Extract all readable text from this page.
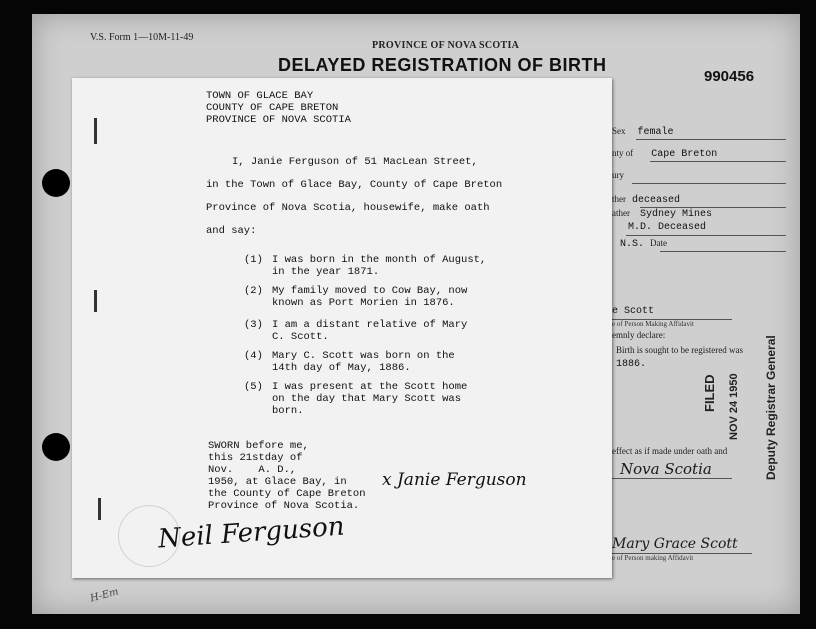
V.S. Form 1—10M-11-49
PROVINCE OF NOVA SCOTIA
DELAYED REGISTRATION OF BIRTH
990456
Sex female
nty of Cape Breton
ury
ther deceased
ather Sydney Mines
M.D. Deceased
N.S. Date
e Scott
e of Person Making Affidavit
emnly declare:
Birth is sought to be registered was
1886.
effect as if made under oath and
Nova Scotia
Mary Grace Scott
e of Person making Affidavit
FILED NOV 24 1950 Deputy Registrar General
TOWN OF GLACE BAY
COUNTY OF CAPE BRETON
PROVINCE OF NOVA SCOTIA
I, Janie Ferguson of 51 MacLean Street,
in the Town of Glace Bay, County of Cape Breton
Province of Nova Scotia, housewife, make oath
and say:
(1) I was born in the month of August,
in the year 1871.
(2) My family moved to Cow Bay, now
known as Port Morien in 1876.
(3) I am a distant relative of Mary
C. Scott.
(4) Mary C. Scott was born on the
14th day of May, 1886.
(5) I was present at the Scott home
on the day that Mary Scott was
born.
SWORN before me,
this 21stday of
Nov.    A. D.,
1950, at Glace Bay, in
the County of Cape Breton
Province of Nova Scotia.
x Janie Ferguson
Neil Ferguson
H-Em
